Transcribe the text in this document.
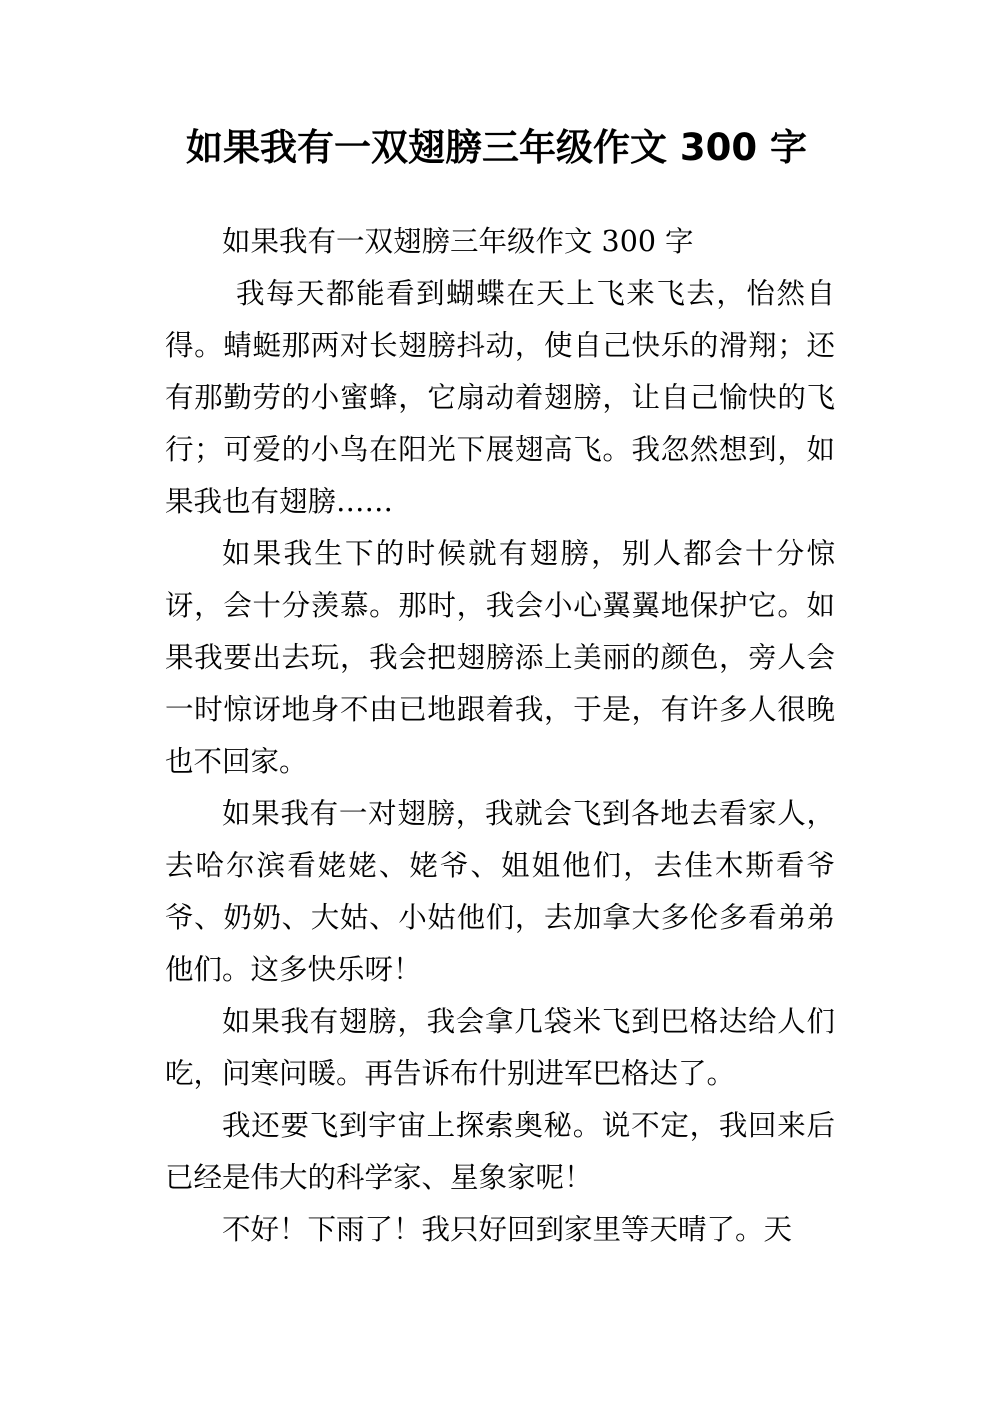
如果我有一双翅膀三年级作文 300 字

如果我有一双翅膀三年级作文 300 字

我每天都能看到蝴蝶在天上飞来飞去，怡然自得。蜻蜓那两对长翅膀抖动，使自己快乐的滑翔；还有那勤劳的小蜜蜂，它扇动着翅膀，让自己愉快的飞行；可爱的小鸟在阳光下展翅高飞。我忽然想到，如果我也有翅膀……

如果我生下的时候就有翅膀，别人都会十分惊讶，会十分羡慕。那时，我会小心翼翼地保护它。如果我要出去玩，我会把翅膀添上美丽的颜色，旁人会一时惊讶地身不由已地跟着我，于是，有许多人很晚也不回家。

如果我有一对翅膀，我就会飞到各地去看家人，去哈尔滨看姥姥、姥爷、姐姐他们，去佳木斯看爷爷、奶奶、大姑、小姑他们，去加拿大多伦多看弟弟他们。这多快乐呀！

如果我有翅膀，我会拿几袋米飞到巴格达给人们吃，问寒问暖。再告诉布什别进军巴格达了。

我还要飞到宇宙上探索奥秘。说不定，我回来后已经是伟大的科学家、星象家呢！

不好！下雨了！我只好回到家里等天晴了。天
